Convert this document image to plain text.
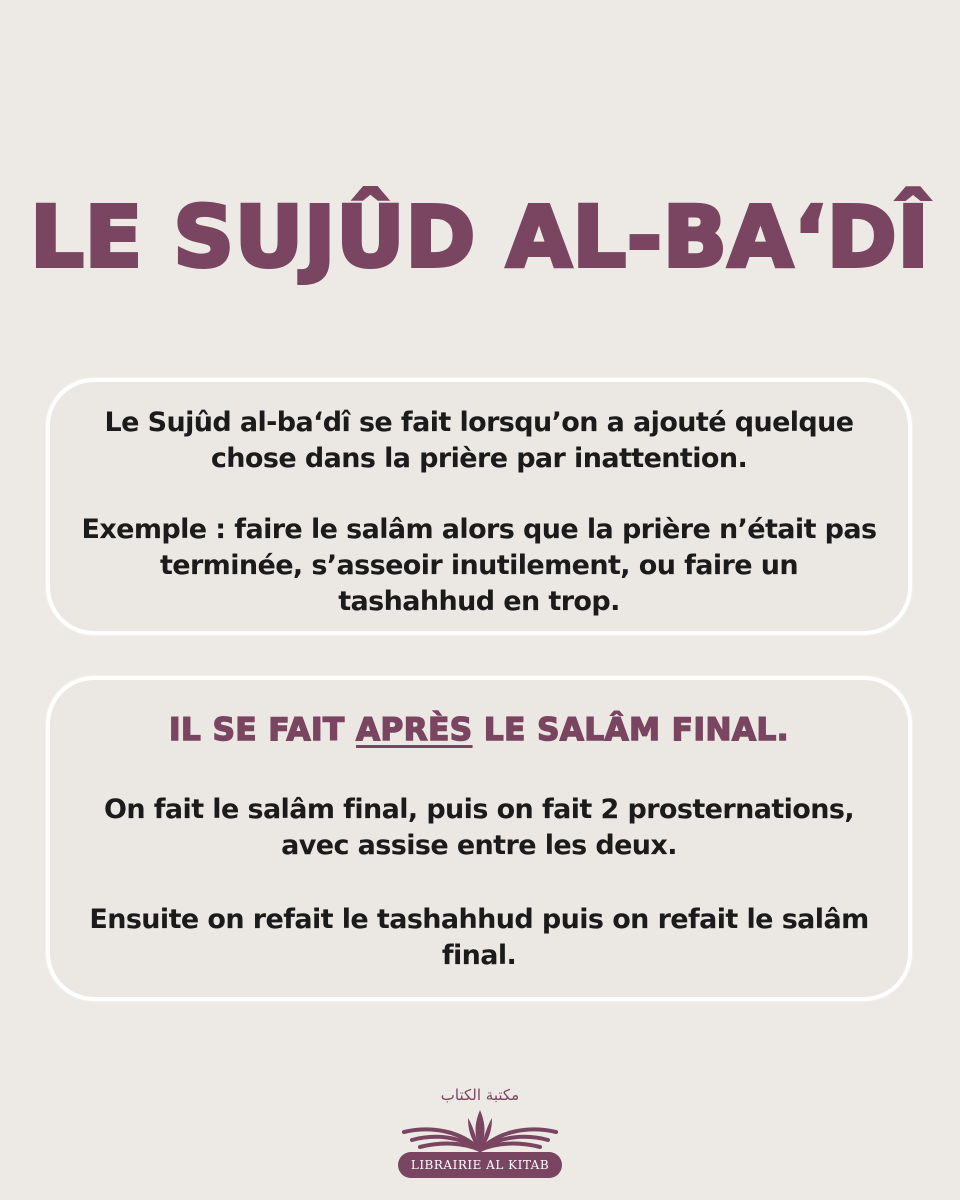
LE SUJÛD AL-BA‘DÎ
Le Sujûd al-ba‘dî se fait lorsqu’on a ajouté quelque chose dans la prière par inattention.
Exemple : faire le salâm alors que la prière n’était pas terminée, s’asseoir inutilement, ou faire un tashahhud en trop.
IL SE FAIT APRÈS LE SALÂM FINAL.
On fait le salâm final, puis on fait 2 prosternations, avec assise entre les deux.
Ensuite on refait le tashahhud puis on refait le salâm final.
مكتبة الكتاب
LIBRAIRIE AL KITAB
